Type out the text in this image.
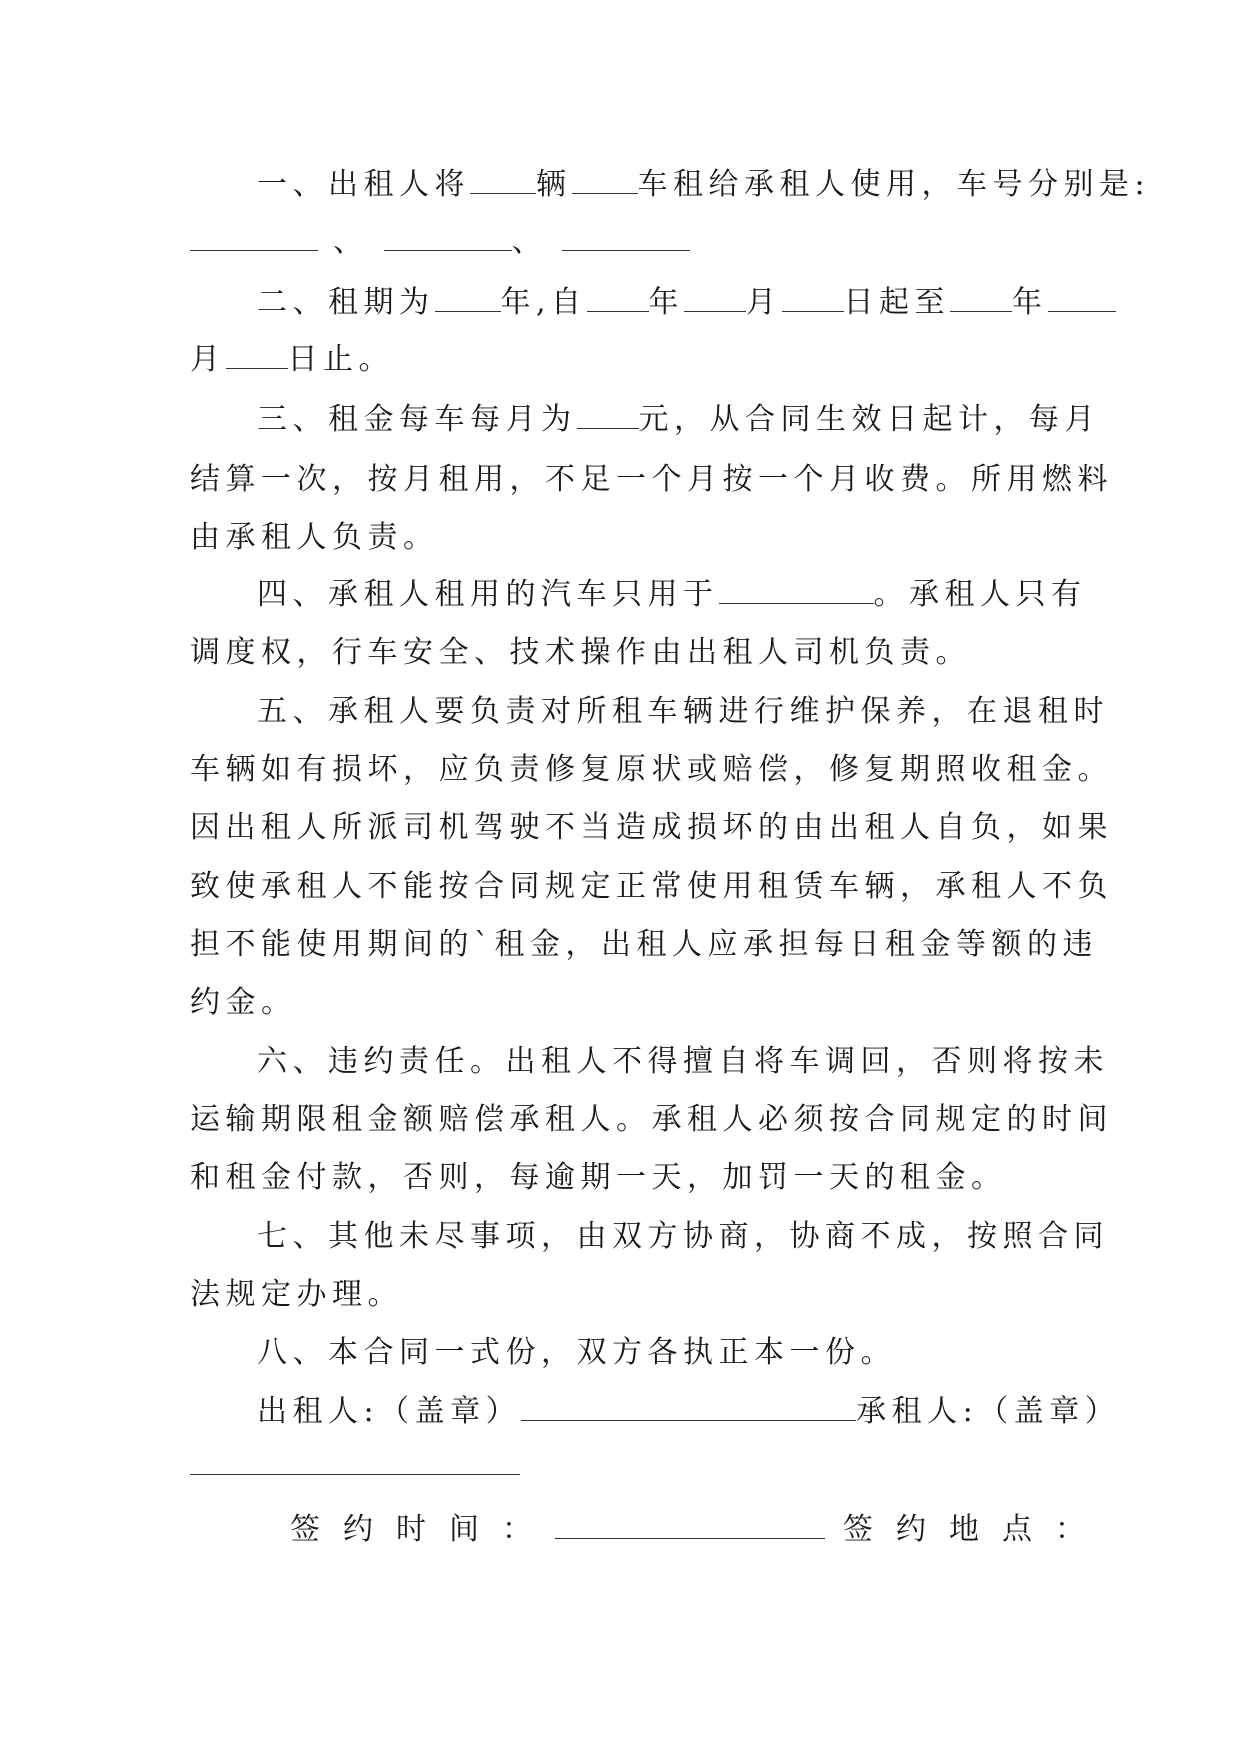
一、出租人将 辆 车租给承租人使用，车号分别是:
、	、
二、租期为 年,自 年 月 日起至 年
月 日止。
三、租金每车每月为 元，从合同生效日起计，每月
结算一次，按月租用，不足一个月按一个月收费。所用燃料
由承租人负责。
四、承租人租用的汽车只用于	。承租人只有
调度权，行车安全、技术操作由出租人司机负责。
五、承租人要负责对所租车辆进行维护保养，在退租时
车辆如有损坏，应负责修复原状或赔偿，修复期照收租金。
因出租人所派司机驾驶不当造成损坏的由出租人自负，如果
致使承租人不能按合同规定正常使用租赁车辆，承租人不负
担不能使用期间的`租金，出租人应承担每日租金等额的违
约金。
六、违约责任。出租人不得擅自将车调回，否则将按未
运输期限租金额赔偿承租人。承租人必须按合同规定的时间
和租金付款，否则，每逾期一天，加罚一天的租金。
七、其他未尽事项，由双方协商，协商不成，按照合同
法规定办理。
八、本合同一式份，双方各执正本一份。
出租人:（盖章）	承租人:（盖章）
签约时间：	签约地点：
